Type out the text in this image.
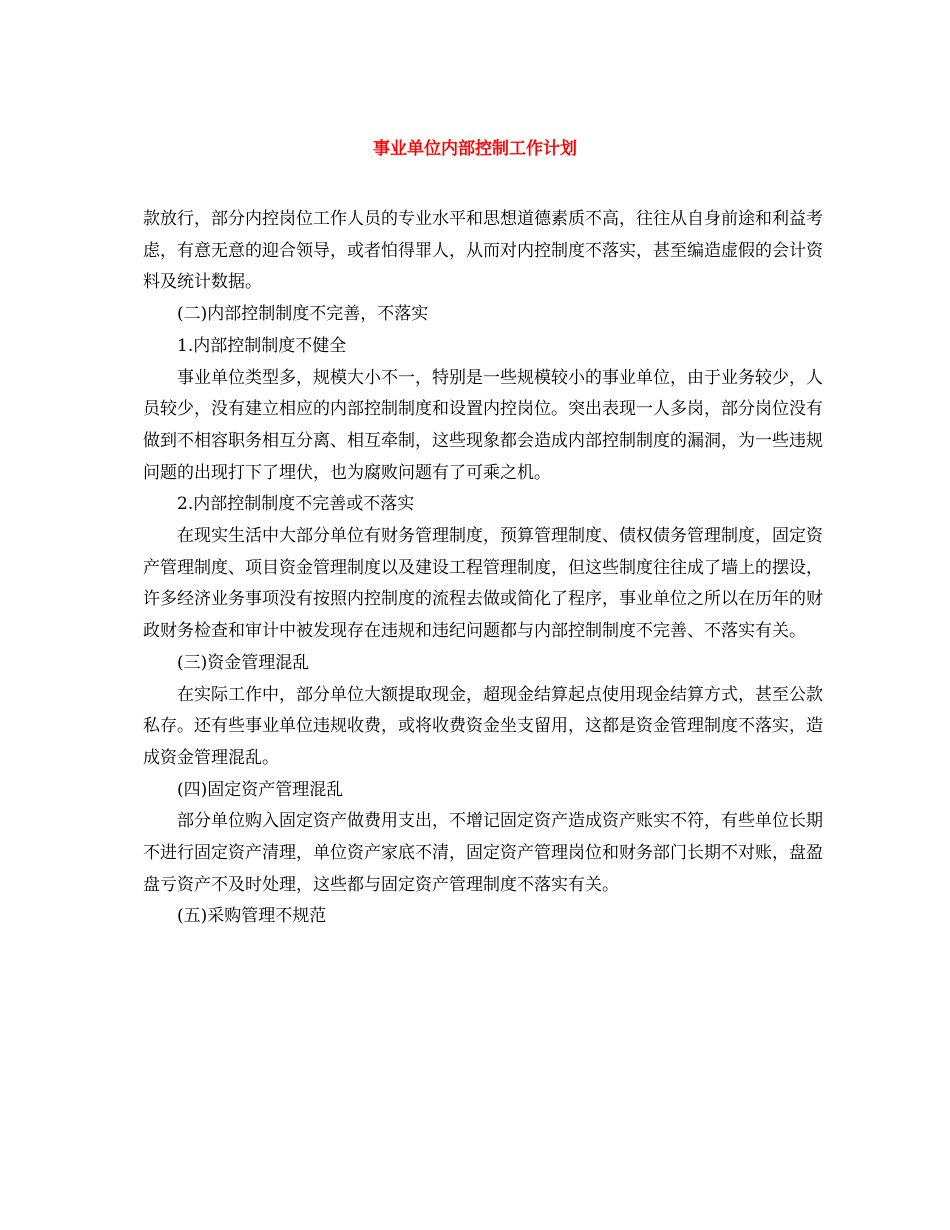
事业单位内部控制工作计划

款放行，部分内控岗位工作人员的专业水平和思想道德素质不高，往往从自身前途和利益考虑，有意无意的迎合领导，或者怕得罪人，从而对内控制度不落实，甚至编造虚假的会计资料及统计数据。

(二)内部控制制度不完善，不落实

1.内部控制制度不健全

事业单位类型多，规模大小不一，特别是一些规模较小的事业单位，由于业务较少，人员较少，没有建立相应的内部控制制度和设置内控岗位。突出表现一人多岗，部分岗位没有做到不相容职务相互分离、相互牵制，这些现象都会造成内部控制制度的漏洞，为一些违规问题的出现打下了埋伏，也为腐败问题有了可乘之机。

2.内部控制制度不完善或不落实

在现实生活中大部分单位有财务管理制度，预算管理制度、债权债务管理制度，固定资产管理制度、项目资金管理制度以及建设工程管理制度，但这些制度往往成了墙上的摆设，许多经济业务事项没有按照内控制度的流程去做或简化了程序，事业单位之所以在历年的财政财务检查和审计中被发现存在违规和违纪问题都与内部控制制度不完善、不落实有关。

(三)资金管理混乱

在实际工作中，部分单位大额提取现金，超现金结算起点使用现金结算方式，甚至公款私存。还有些事业单位违规收费，或将收费资金坐支留用，这都是资金管理制度不落实，造成资金管理混乱。

(四)固定资产管理混乱

部分单位购入固定资产做费用支出，不增记固定资产造成资产账实不符，有些单位长期不进行固定资产清理，单位资产家底不清，固定资产管理岗位和财务部门长期不对账，盘盈盘亏资产不及时处理，这些都与固定资产管理制度不落实有关。

(五)采购管理不规范
